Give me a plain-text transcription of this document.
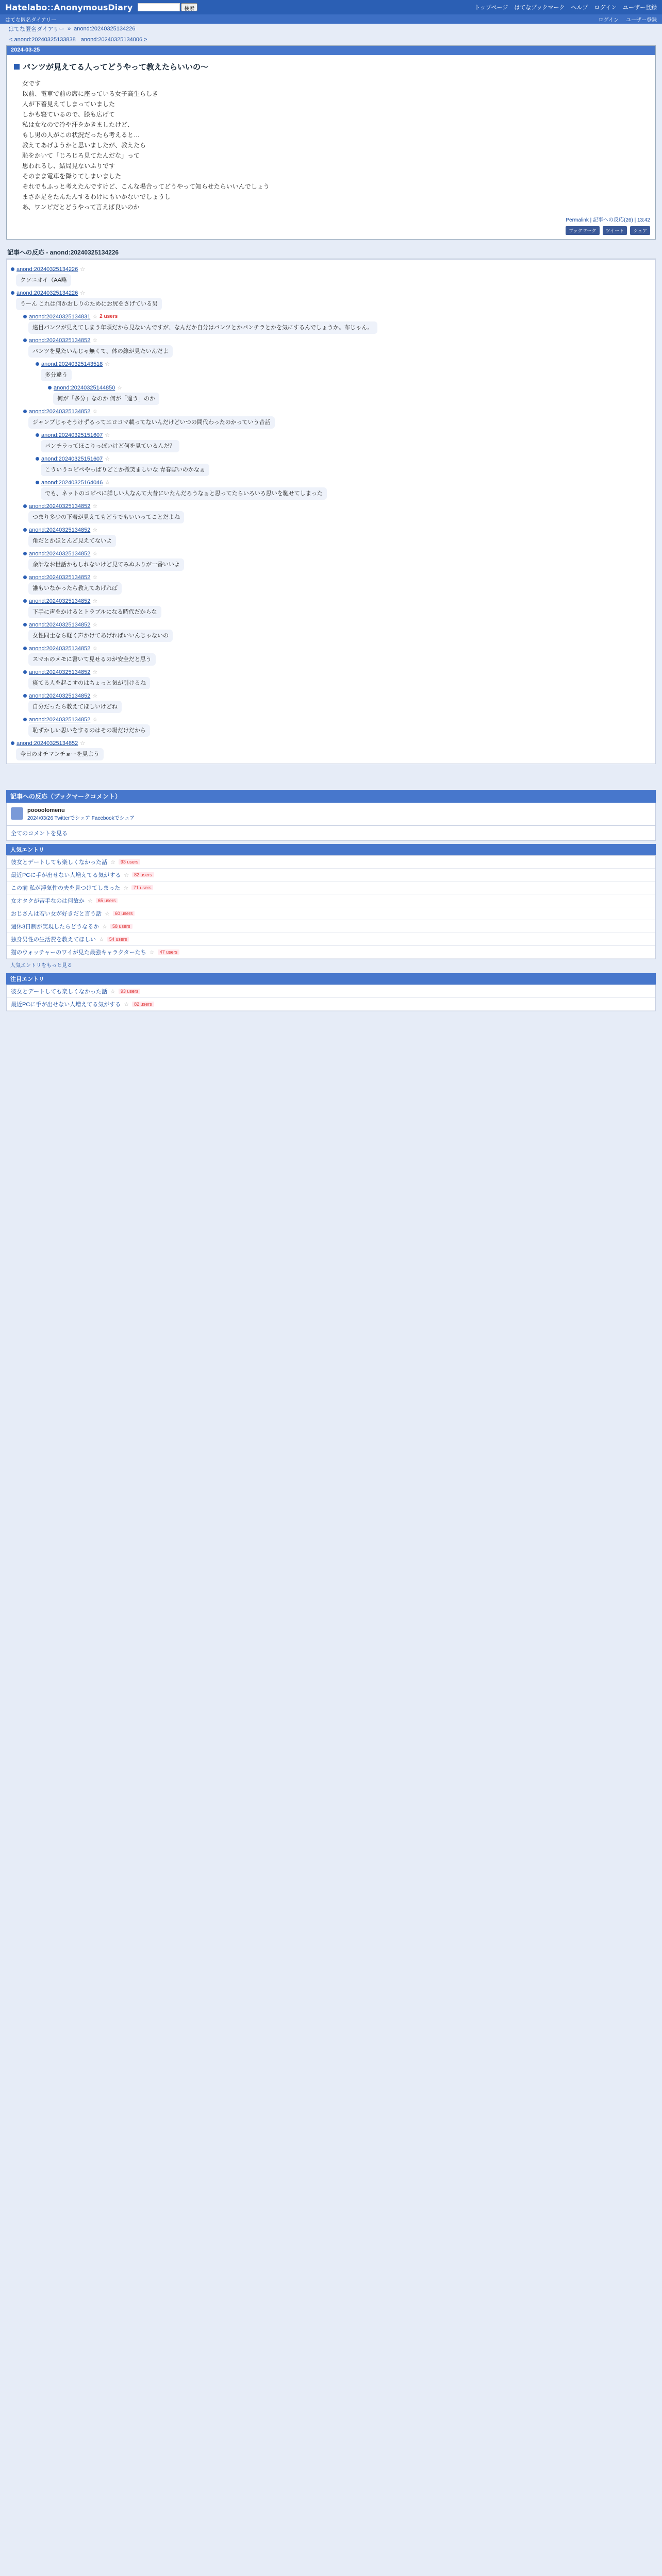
Hatelabo::AnonymousDiary	検索	トップページ はてなブックマーク ヘルプ ログイン ユーザー登録
はてな匿名ダイアリー	ログイン ユーザー登録
はてな匿名ダイアリー » anond:20240325134226
< anond:20240325133838 anond:20240325134006 >
2024-03-25
パンツが見えてる人ってどうやって教えたらいいの〜
女です
以前、電車で前の席に座っている女子高生らしき
人が下着見えてしまっていました
しかも寝ているので、膝も広げて
私は女なので冷や汗をかきましたけど、
もし男の人がこの状況だったら考えると…
教えてあげようかと思いましたが、教えたら
恥をかいて「じろじろ見てたんだな」って
思われるし、結局見ないふりです
そのまま電車を降りてしまいました
それでもふっと考えたんですけど、こんな場合ってどうやって知らせたらいいんでしょう
まさか足をたんたんするわけにもいかないでしょうし
あ、ワンピだとどうやって言えば良いのか
Permalink | 記事への反応(26) | 13:42
ブックマーク	ツイート	シェア
記事への反応 - anond:20240325134226
anond:20240325134226 ☆
クソニオイ（AA略
anond:20240325134226 ☆
うーん これは何かおしりのためにお尻をさげている男
anond:20240325134831 ☆ 2 users
遠目パンツが見えてしまう年頃だから見ないんですが、なんだか自分はパンツとかパンチラとかを気にするんでしょうか。布じゃん。
anond:20240325134852 ☆
パンツを見たいんじゃ無くて、体の線が見たいんだよ
anond:20240325143518 ☆
多分違う
anond:20240325144850 ☆
何が「多分」なのか 何が「違う」のか
anond:20240325134852 ☆
ジャンプじゃそうけずるってエロコマ載ってないんだけどいつの間代わったのかっていう昔話
anond:20240325151607 ☆
パンチラってほこりっぽいけど何を見ているんだ？
anond:20240325151607 ☆
こういうコピペやっぱりどこか微笑ましいな 青春ぽいのかなぁ
anond:20240325164046 ☆
でも、ネットのコピペに詳しい人なんて大昔にいたんだろうなぁと思ってたらいろいろ思いを馳せてしまった
anond:20240325134852 ☆
つまり多少の下着が見えてもどうでもいいってことだよね
anond:20240325134852 ☆
角だとかほとんど見えてないよ
anond:20240325134852 ☆
余計なお世話かもしれないけど見てみぬふりが一番いいよ
anond:20240325134852 ☆
誰もいなかったら教えてあげれば
anond:20240325134852 ☆
下手に声をかけるとトラブルになる時代だからな
anond:20240325134852 ☆
女性同士なら軽く声かけてあげればいいんじゃないの
anond:20240325134852 ☆
スマホのメモに書いて見せるのが安全だと思う
anond:20240325134852 ☆
寝てる人を起こすのはちょっと気が引けるね
anond:20240325134852 ☆
自分だったら教えてほしいけどね
anond:20240325134852 ☆
恥ずかしい思いをするのはその場だけだから
anond:20240325134852 ☆
今日のオチマンチョーを見よう
記事への反応（ブックマークコメント）
poooolomenu
2024/03/26 Twitterでシェア Facebookでシェア
全てのコメントを見る
人気エントリ
彼女とデートしても楽しくなかった話 ☆	93 users
最近PCに手が出せない人増えてる気がする ☆	82 users
この前 私が浮気性の夫を見つけてしまった ☆	71 users
女オタクが苦手なのは何故か ☆	65 users
おじさんは若い女が好きだと言う話 ☆	60 users
週休3日制が実現したらどうなるか ☆	58 users
独身男性の生活費を教えてほしい ☆	54 users
猫のウォッチャーのワイが見た最強キャラクターたち ☆	47 users
人気エントリをもっと見る
注目エントリ
彼女とデートしても楽しくなかった話 ☆	93 users
最近PCに手が出せない人増えてる気がする ☆	82 users
